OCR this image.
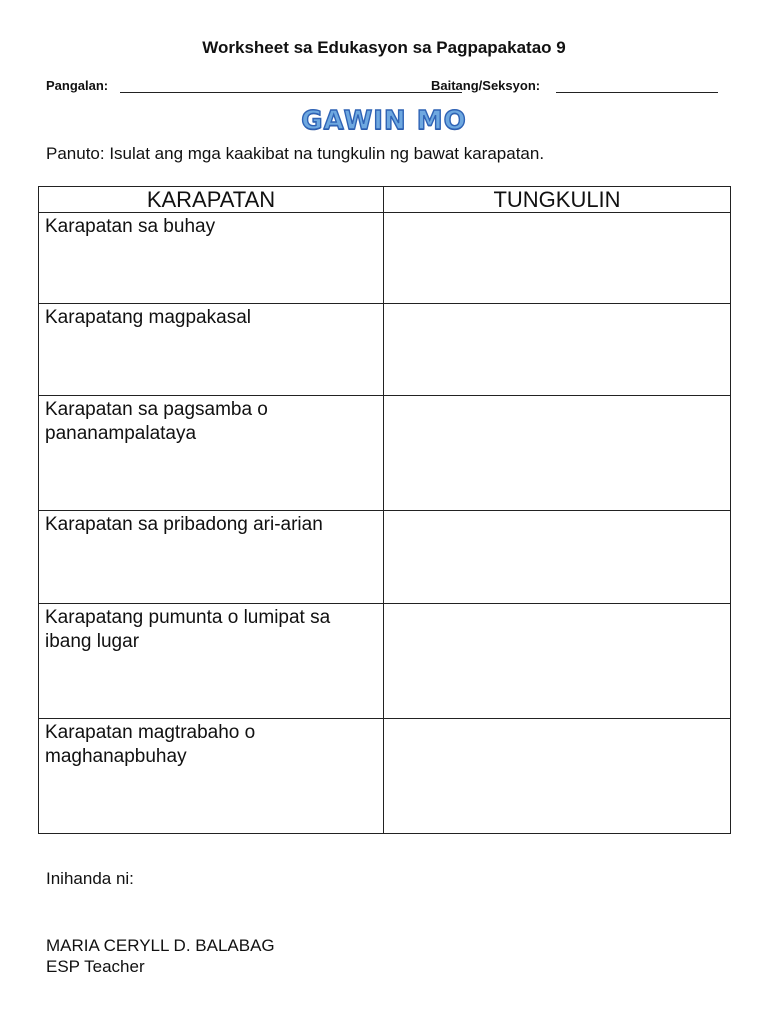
Worksheet sa Edukasyon sa Pagpapakatao 9
Pangalan:	Baitang/Seksyon:
GAWIN MO
Panuto: Isulat ang mga kaakibat na tungkulin ng bawat karapatan.
KARAPATAN	TUNGKULIN
Karapatan sa buhay	
Karapatang magpakasal	
Karapatan sa pagsamba o pananampalataya	
Karapatan sa pribadong ari-arian	
Karapatang pumunta o lumipat sa ibang lugar	
Karapatan magtrabaho o maghanapbuhay	
Inihanda ni:
MARIA CERYLL D. BALABAG
ESP Teacher
